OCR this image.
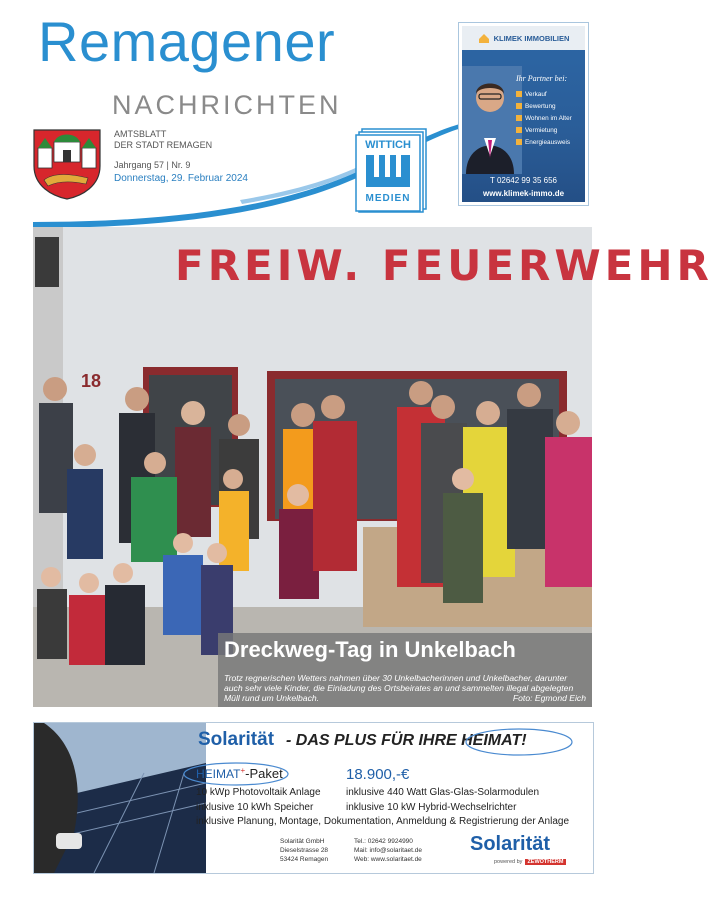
Remagener
NACHRICHTEN
AMTSBLATT
DER STADT REMAGEN
Jahrgang 57 | Nr. 9
Donnerstag, 29. Februar 2024
WITTICH
MEDIEN
KLIMEK IMMOBILIEN
Ihr Partner bei:
Verkauf
Bewertung
Wohnen im Alter
Vermietung
Energieausweis
T 02642 99 35 656
www.klimek-immo.de
FREIW. FEUERWEHR
18
Dreckweg-Tag in Unkelbach
Trotz regnerischen Wetters nahmen über 30 Unkelbacherinnen und Unkelbacher, darunter auch sehr viele Kinder, die Einladung des Ortsbeirates an und sammelten illegal abgelegten Müll rund um Unkelbach.	Foto: Egmond Eich
Solarität - DAS PLUS FÜR IHRE HEIMAT!
HEIMAT+-Paket	18.900,-€
10 kWp Photovoltaik Anlage
inklusive 10 kWh Speicher
inklusive 440 Watt Glas-Glas-Solarmodulen
inklusive 10 kW Hybrid-Wechselrichter
inklusive Planung, Montage, Dokumentation, Anmeldung & Registrierung der Anlage
Solarität GmbH
Dieselstrasse 28
53424 Remagen
Tel.: 02642 9924990
Mail: info@solaritaet.de
Web: www.solaritaet.de
Solarität
powered by ZEWOTHERM
